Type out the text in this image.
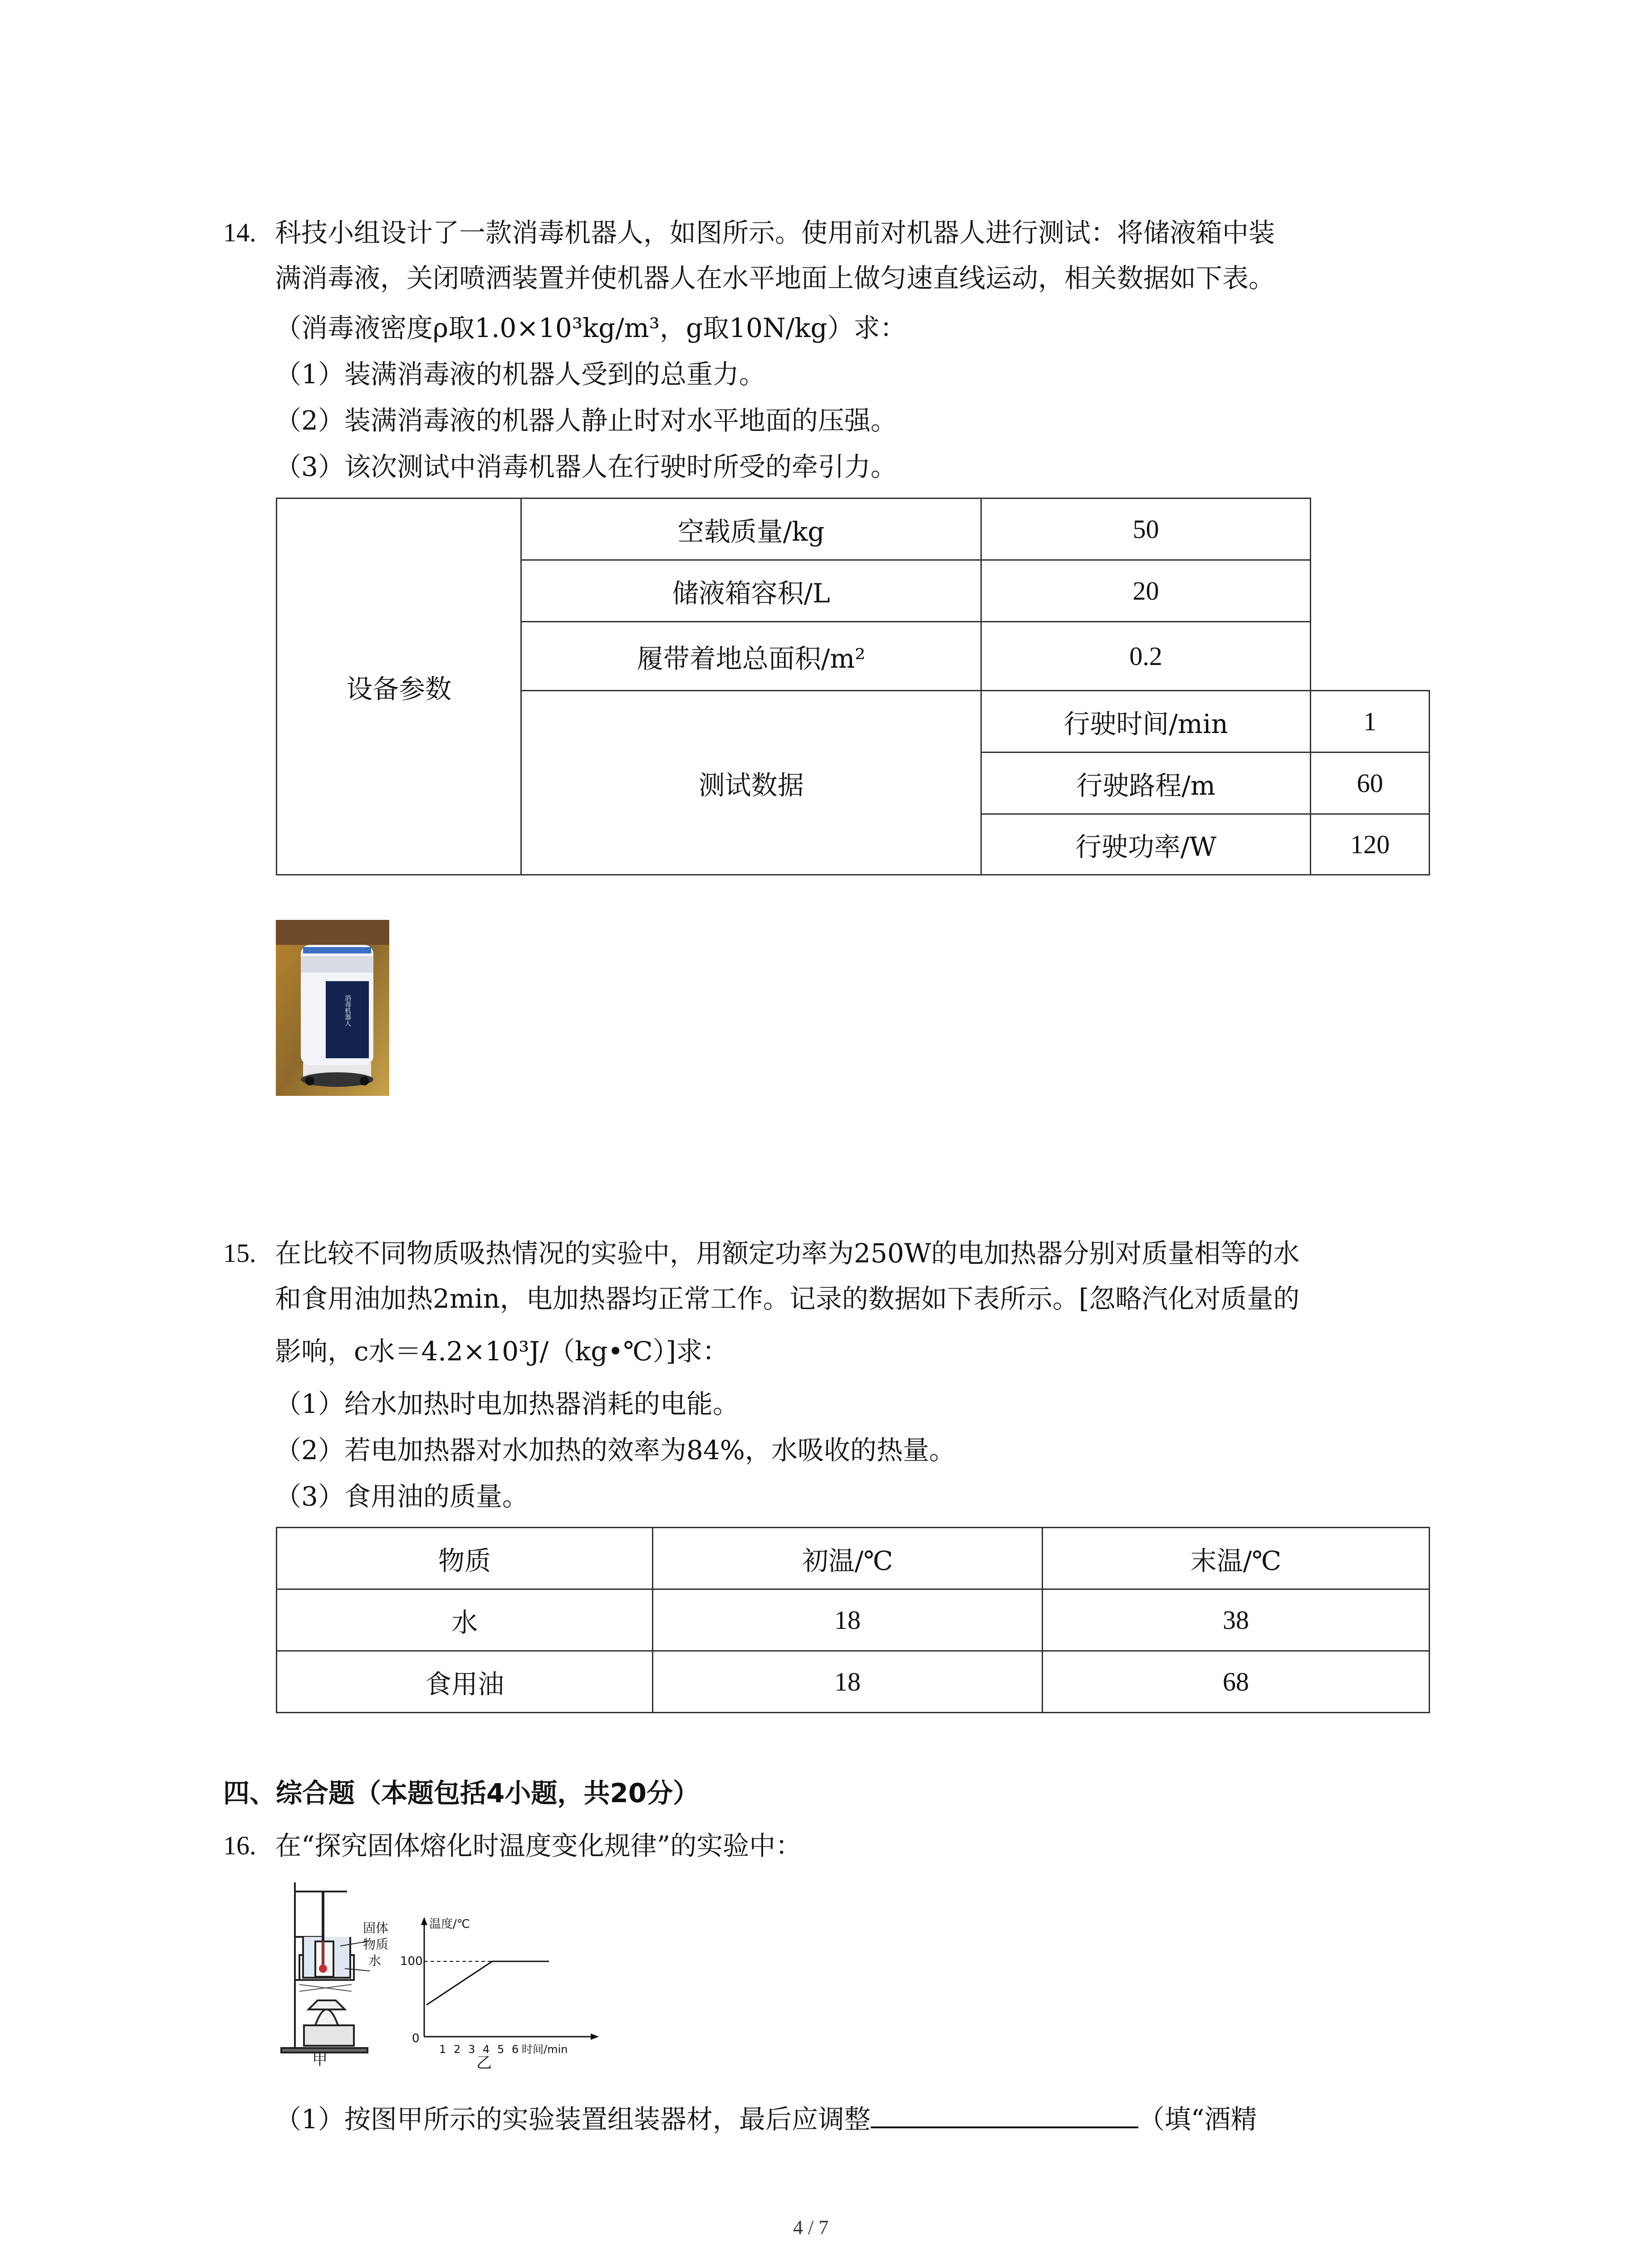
14. 科技小组设计了一款消毒机器人，如图所示。使用前对机器人进行测试：将储液箱中装
满消毒液，关闭喷洒装置并使机器人在水平地面上做匀速直线运动，相关数据如下表。
（消毒液密度ρ取1.0×10³kg/m³，g取10N/kg）求：
（1）装满消毒液的机器人受到的总重力。
（2）装满消毒液的机器人静止时对水平地面的压强。
（3）该次测试中消毒机器人在行驶时所受的牵引力。
设备参数	空载质量/kg	50	
	储液箱容积/L	20	
	履带着地总面积/m²	0.2	
	测试数据	行驶时间/min	1
		行驶路程/m	60
		行驶功率/W	120
消毒机器人
15. 在比较不同物质吸热情况的实验中，用额定功率为250W的电加热器分别对质量相等的水
和食用油加热2min，电加热器均正常工作。记录的数据如下表所示。[忽略汽化对质量的
影响，c水＝4.2×10³J/（kg•℃）]求：
（1）给水加热时电加热器消耗的电能。
（2）若电加热器对水加热的效率为84%，水吸收的热量。
（3）食用油的质量。
物质	初温/℃	末温/℃
水	18	38
食用油	18	68
四、综合题（本题包括4小题，共20分）
16. 在“探究固体熔化时温度变化规律”的实验中：
固体
物质
水
甲
温度/℃
100
0
1 2 3 4 5 6 时间/min
乙
（1）按图甲所示的实验装置组装器材，最后应调整	（填“酒精
4 / 7
